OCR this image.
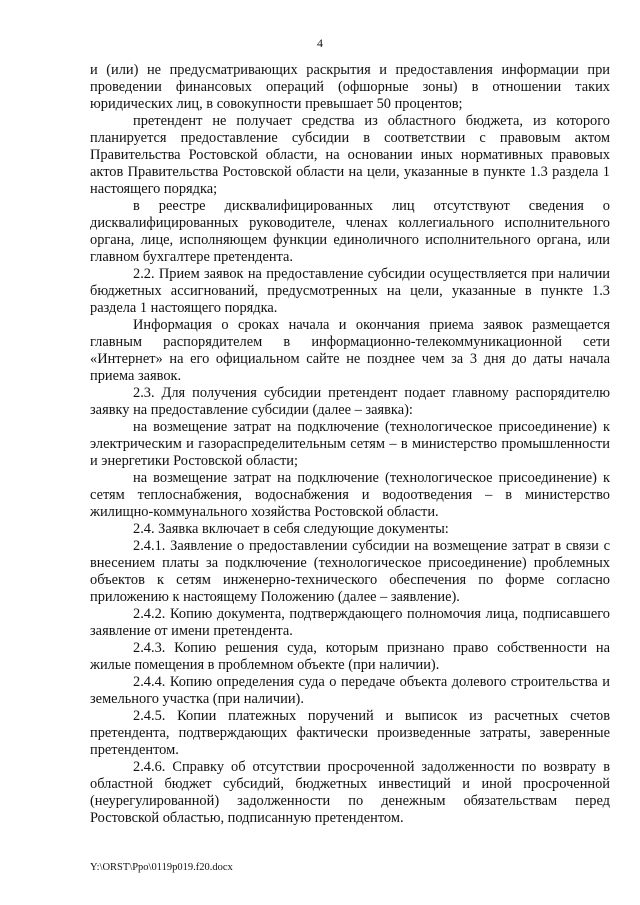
4

и (или) не предусматривающих раскрытия и предоставления информации при проведении финансовых операций (офшорные зоны) в отношении таких юридических лиц, в совокупности превышает 50 процентов;

претендент не получает средства из областного бюджета, из которого планируется предоставление субсидии в соответствии с правовым актом Правительства Ростовской области, на основании иных нормативных правовых актов Правительства Ростовской области на цели, указанные в пункте 1.3 раздела 1 настоящего порядка;

в реестре дисквалифицированных лиц отсутствуют сведения о дисквалифицированных руководителе, членах коллегиального исполнительного органа, лице, исполняющем функции единоличного исполнительного органа, или главном бухгалтере претендента.

2.2. Прием заявок на предоставление субсидии осуществляется при наличии бюджетных ассигнований, предусмотренных на цели, указанные в пункте 1.3 раздела 1 настоящего порядка.

Информация о сроках начала и окончания приема заявок размещается главным распорядителем в информационно-телекоммуникационной сети «Интернет» на его официальном сайте не позднее чем за 3 дня до даты начала приема заявок.

2.3. Для получения субсидии претендент подает главному распорядителю заявку на предоставление субсидии (далее – заявка):

на возмещение затрат на подключение (технологическое присоединение) к электрическим и газораспределительным сетям – в министерство промышленности и энергетики Ростовской области;

на возмещение затрат на подключение (технологическое присоединение) к сетям теплоснабжения, водоснабжения и водоотведения – в министерство жилищно-коммунального хозяйства Ростовской области.

2.4. Заявка включает в себя следующие документы:

2.4.1. Заявление о предоставлении субсидии на возмещение затрат в связи с внесением платы за подключение (технологическое присоединение) проблемных объектов к сетям инженерно-технического обеспечения по форме согласно приложению к настоящему Положению (далее – заявление).

2.4.2. Копию документа, подтверждающего полномочия лица, подписавшего заявление от имени претендента.

2.4.3. Копию решения суда, которым признано право собственности на жилые помещения в проблемном объекте (при наличии).

2.4.4. Копию определения суда о передаче объекта долевого строительства и земельного участка (при наличии).

2.4.5. Копии платежных поручений и выписок из расчетных счетов претендента, подтверждающих фактически произведенные затраты, заверенные претендентом.

2.4.6. Справку об отсутствии просроченной задолженности по возврату в областной бюджет субсидий, бюджетных инвестиций и иной просроченной (неурегулированной) задолженности по денежным обязательствам перед Ростовской областью, подписанную претендентом.

Y:\ORST\Ppo\0119p019.f20.docx
